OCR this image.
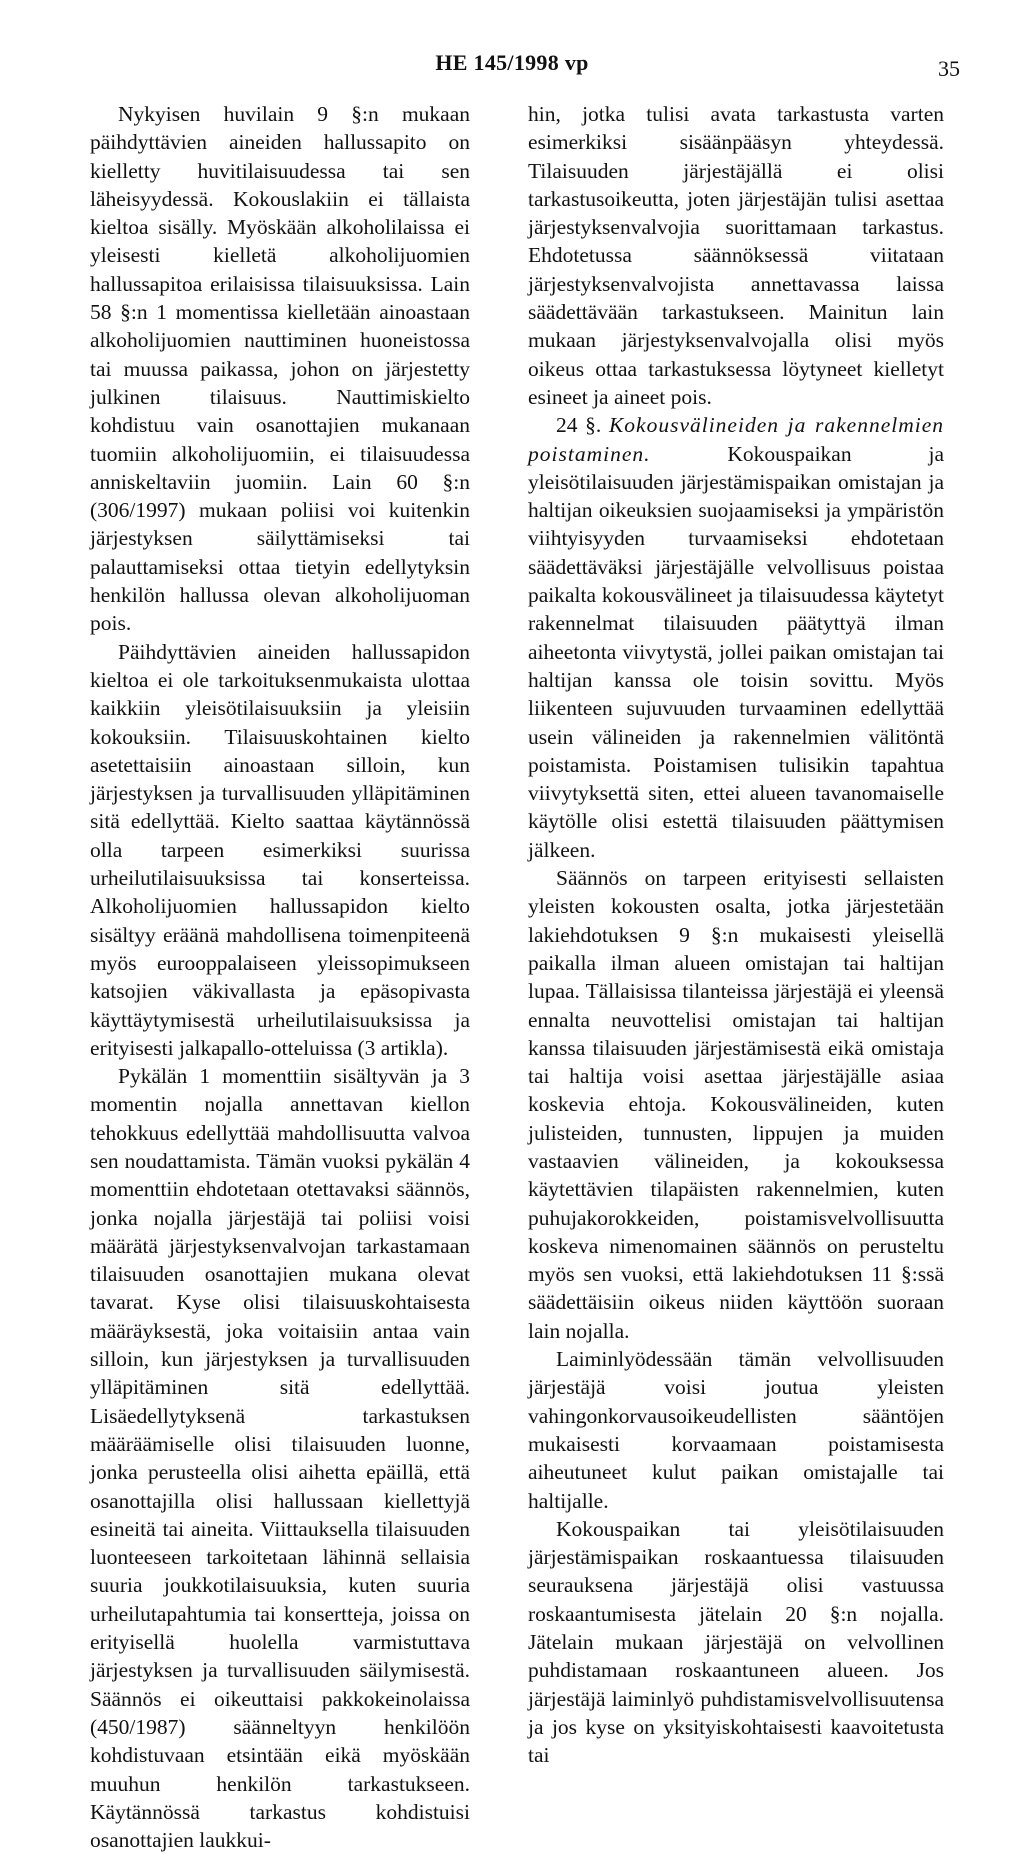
HE 145/1998 vp	35

Nykyisen huvilain 9 §:n mukaan päihdyttävien aineiden hallussapito on kielletty huvitilaisuudessa tai sen läheisyydessä. Kokouslakiin ei tällaista kieltoa sisälly. Myöskään alkoholilaissa ei yleisesti kielletä alkoholijuomien hallussapitoa erilaisissa tilaisuuksissa. Lain 58 §:n 1 momentissa kielletään ainoastaan alkoholijuomien nauttiminen huoneistossa tai muussa paikassa, johon on järjestetty julkinen tilaisuus. Nauttimiskielto kohdistuu vain osanottajien mukanaan tuomiin alkoholijuomiin, ei tilaisuudessa anniskeltaviin juomiin. Lain 60 §:n (306/1997) mukaan poliisi voi kuitenkin järjestyksen säilyttämiseksi tai palauttamiseksi ottaa tietyin edellytyksin henkilön hallussa olevan alkoholijuoman pois.

Päihdyttävien aineiden hallussapidon kieltoa ei ole tarkoituksenmukaista ulottaa kaikkiin yleisötilaisuuksiin ja yleisiin kokouksiin. Tilaisuuskohtainen kielto asetettaisiin ainoastaan silloin, kun järjestyksen ja turvallisuuden ylläpitäminen sitä edellyttää. Kielto saattaa käytännössä olla tarpeen esimerkiksi suurissa urheilutilaisuuksissa tai konserteissa. Alkoholijuomien hallussapidon kielto sisältyy eräänä mahdollisena toimenpiteenä myös eurooppalaiseen yleissopimukseen katsojien väkivallasta ja epäsopivasta käyttäytymisestä urheilutilaisuuksissa ja erityisesti jalkapallo-otteluissa (3 artikla).

Pykälän 1 momenttiin sisältyvän ja 3 momentin nojalla annettavan kiellon tehokkuus edellyttää mahdollisuutta valvoa sen noudattamista. Tämän vuoksi pykälän 4 momenttiin ehdotetaan otettavaksi säännös, jonka nojalla järjestäjä tai poliisi voisi määrätä järjestyksenvalvojan tarkastamaan tilaisuuden osanottajien mukana olevat tavarat. Kyse olisi tilaisuuskohtaisesta määräyksestä, joka voitaisiin antaa vain silloin, kun järjestyksen ja turvallisuuden ylläpitäminen sitä edellyttää. Lisäedellytyksenä tarkastuksen määräämiselle olisi tilaisuuden luonne, jonka perusteella olisi aihetta epäillä, että osanottajilla olisi hallussaan kiellettyjä esineitä tai aineita. Viittauksella tilaisuuden luonteeseen tarkoitetaan lähinnä sellaisia suuria joukkotilaisuuksia, kuten suuria urheilutapahtumia tai konsertteja, joissa on erityisellä huolella varmistuttava järjestyksen ja turvallisuuden säilymisestä. Säännös ei oikeuttaisi pakkokeinolaissa (450/1987) säänneltyyn henkilöön kohdistuvaan etsintään eikä myöskään muuhun henkilön tarkastukseen. Käytännössä tarkastus kohdistuisi osanottajien laukkui-

hin, jotka tulisi avata tarkastusta varten esimerkiksi sisäänpääsyn yhteydessä. Tilaisuuden järjestäjällä ei olisi tarkastusoikeutta, joten järjestäjän tulisi asettaa järjestyksenvalvojia suorittamaan tarkastus. Ehdotetussa säännöksessä viitataan järjestyksenvalvojista annettavassa laissa säädettävään tarkastukseen. Mainitun lain mukaan järjestyksenvalvojalla olisi myös oikeus ottaa tarkastuksessa löytyneet kielletyt esineet ja aineet pois.

24 §. Kokousvälineiden ja rakennelmien poistaminen.	Kokouspaikan ja yleisötilaisuuden järjestämispaikan omistajan ja haltijan oikeuksien suojaamiseksi ja ympäristön viihtyisyyden turvaamiseksi ehdotetaan säädettäväksi järjestäjälle velvollisuus poistaa paikalta kokousvälineet ja tilaisuudessa käytetyt rakennelmat tilaisuuden päätyttyä ilman aiheetonta viivytystä, jollei paikan omistajan tai haltijan kanssa ole toisin sovittu. Myös liikenteen sujuvuuden turvaaminen edellyttää usein välineiden ja rakennelmien välitöntä poistamista. Poistamisen tulisikin tapahtua viivytyksettä siten, ettei alueen tavanomaiselle käytölle olisi estettä tilaisuuden päättymisen jälkeen.

Säännös on tarpeen erityisesti sellaisten yleisten kokousten osalta, jotka järjestetään lakiehdotuksen 9 §:n mukaisesti yleisellä paikalla ilman alueen omistajan tai haltijan lupaa. Tällaisissa tilanteissa järjestäjä ei yleensä ennalta neuvottelisi omistajan tai haltijan kanssa tilaisuuden järjestämisestä eikä omistaja tai haltija voisi asettaa järjestäjälle asiaa koskevia ehtoja. Kokousvälineiden, kuten julisteiden, tunnusten, lippujen ja muiden vastaavien välineiden, ja kokouksessa käytettävien tilapäisten rakennelmien, kuten puhujakorokkeiden, poistamisvelvollisuutta koskeva nimenomainen säännös on perusteltu myös sen vuoksi, että lakiehdotuksen 11 §:ssä säädettäisiin oikeus niiden käyttöön suoraan lain nojalla.

Laiminlyödessään tämän velvollisuuden järjestäjä voisi joutua yleisten vahingonkorvausoikeudellisten sääntöjen mukaisesti korvaamaan poistamisesta aiheutuneet kulut paikan omistajalle tai haltijalle.

Kokouspaikan tai yleisötilaisuuden järjestämispaikan roskaantuessa tilaisuuden seurauksena järjestäjä olisi vastuussa roskaantumisesta jätelain 20 §:n nojalla. Jätelain mukaan järjestäjä on velvollinen puhdistamaan roskaantuneen alueen. Jos järjestäjä laiminlyö puhdistamisvelvollisuutensa ja jos kyse on yksityiskohtaisesti kaavoitetusta tai
